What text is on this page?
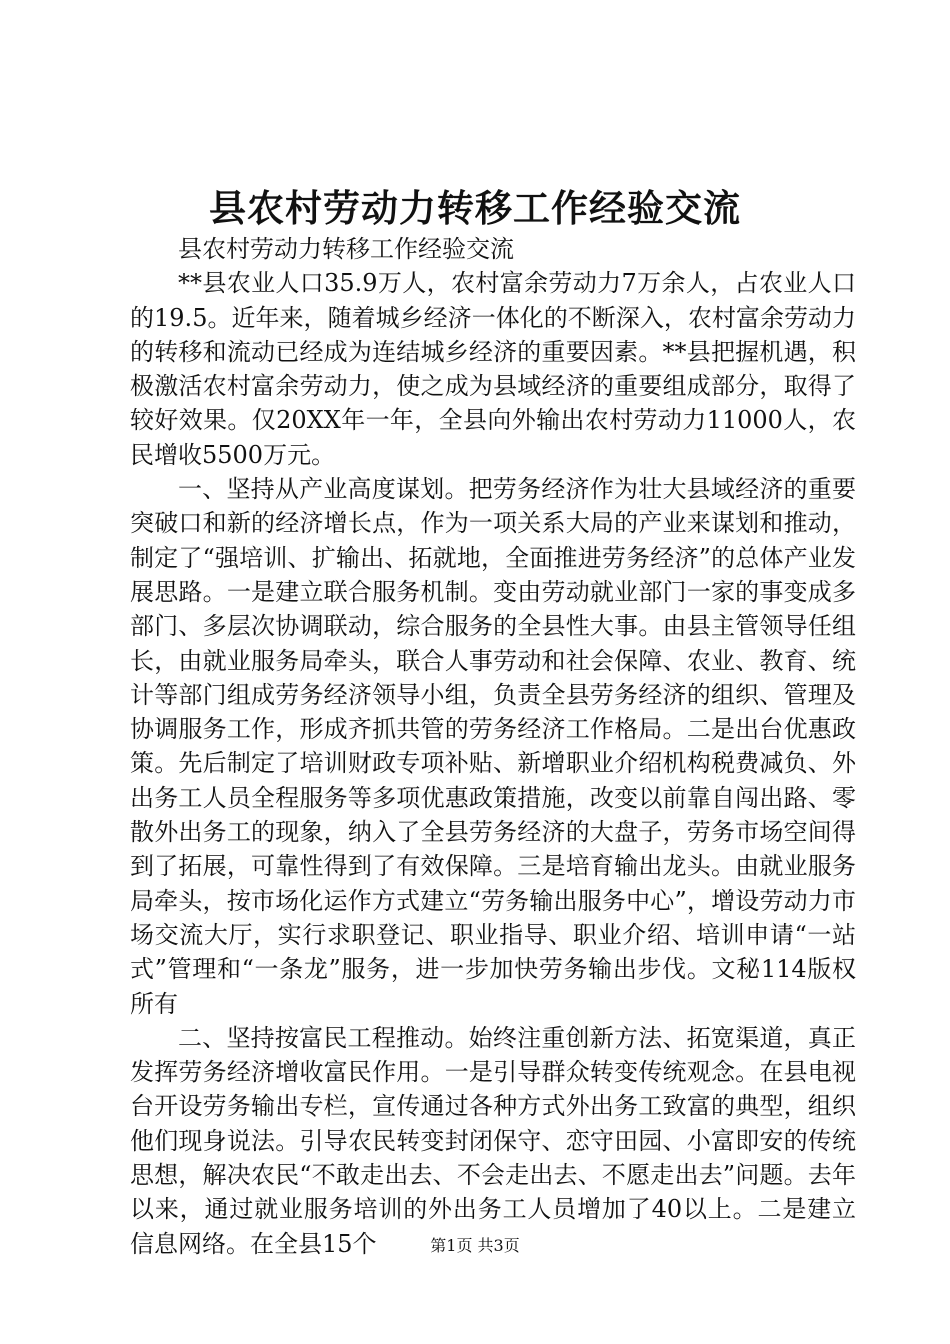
县农村劳动力转移工作经验交流

县农村劳动力转移工作经验交流

**县农业人口35.9万人，农村富余劳动力7万余人，占农业人口的19.5。近年来，随着城乡经济一体化的不断深入，农村富余劳动力的转移和流动已经成为连结城乡经济的重要因素。**县把握机遇，积极激活农村富余劳动力，使之成为县域经济的重要组成部分，取得了较好效果。仅20XX年一年，全县向外输出农村劳动力11000人，农民增收5500万元。

一、坚持从产业高度谋划。把劳务经济作为壮大县域经济的重要突破口和新的经济增长点，作为一项关系大局的产业来谋划和推动，制定了“强培训、扩输出、拓就地，全面推进劳务经济”的总体产业发展思路。一是建立联合服务机制。变由劳动就业部门一家的事变成多部门、多层次协调联动，综合服务的全县性大事。由县主管领导任组长，由就业服务局牵头，联合人事劳动和社会保障、农业、教育、统计等部门组成劳务经济领导小组，负责全县劳务经济的组织、管理及协调服务工作，形成齐抓共管的劳务经济工作格局。二是出台优惠政策。先后制定了培训财政专项补贴、新增职业介绍机构税费减负、外出务工人员全程服务等多项优惠政策措施，改变以前靠自闯出路、零散外出务工的现象，纳入了全县劳务经济的大盘子，劳务市场空间得到了拓展，可靠性得到了有效保障。三是培育输出龙头。由就业服务局牵头，按市场化运作方式建立“劳务输出服务中心”，增设劳动力市场交流大厅，实行求职登记、职业指导、职业介绍、培训申请“一站式”管理和“一条龙”服务，进一步加快劳务输出步伐。文秘114版权所有

二、坚持按富民工程推动。始终注重创新方法、拓宽渠道，真正发挥劳务经济增收富民作用。一是引导群众转变传统观念。在县电视台开设劳务输出专栏，宣传通过各种方式外出务工致富的典型，组织他们现身说法。引导农民转变封闭保守、恋守田园、小富即安的传统思想，解决农民“不敢走出去、不会走出去、不愿走出去”问题。去年以来，通过就业服务培训的外出务工人员增加了40以上。二是建立信息网络。在全县15个	第1页 共3页
